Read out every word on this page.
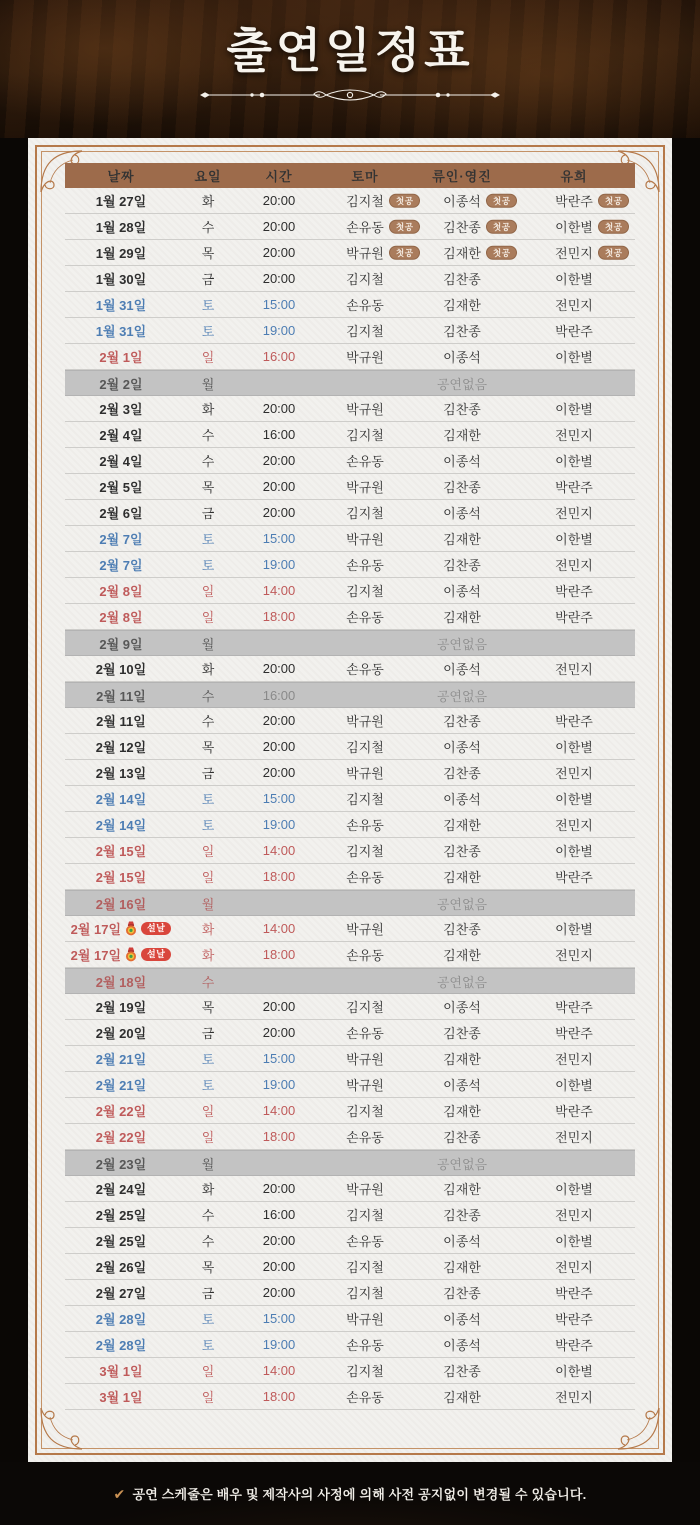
출연일정표
날짜	요일	시간	토마	류인·영진	유희
1월 27일	화	20:00	김지철	첫공	이종석	첫공	박란주	첫공
1월 28일	수	20:00	손유동	첫공	김찬종	첫공	이한별	첫공
1월 29일	목	20:00	박규원	첫공	김재한	첫공	전민지	첫공
1월 30일	금	20:00	김지철	김찬종	이한별
1월 31일	토	15:00	손유동	김재한	전민지
1월 31일	토	19:00	김지철	김찬종	박란주
2월 1일	일	16:00	박규원	이종석	이한별
2월 2일	월	공연없음
2월 3일	화	20:00	박규원	김찬종	이한별
2월 4일	수	16:00	김지철	김재한	전민지
2월 4일	수	20:00	손유동	이종석	이한별
2월 5일	목	20:00	박규원	김찬종	박란주
2월 6일	금	20:00	김지철	이종석	전민지
2월 7일	토	15:00	박규원	김재한	이한별
2월 7일	토	19:00	손유동	김찬종	전민지
2월 8일	일	14:00	김지철	이종석	박란주
2월 8일	일	18:00	손유동	김재한	박란주
2월 9일	월	공연없음
2월 10일	화	20:00	손유동	이종석	전민지
2월 11일	수	16:00	공연없음
2월 11일	수	20:00	박규원	김찬종	박란주
2월 12일	목	20:00	김지철	이종석	이한별
2월 13일	금	20:00	박규원	김찬종	전민지
2월 14일	토	15:00	김지철	이종석	이한별
2월 14일	토	19:00	손유동	김재한	전민지
2월 15일	일	14:00	김지철	김찬종	이한별
2월 15일	일	18:00	손유동	김재한	박란주
2월 16일	월	공연없음
2월 17일	설날	화	14:00	박규원	김찬종	이한별
2월 17일	설날	화	18:00	손유동	김재한	전민지
2월 18일	수	공연없음
2월 19일	목	20:00	김지철	이종석	박란주
2월 20일	금	20:00	손유동	김찬종	박란주
2월 21일	토	15:00	박규원	김재한	전민지
2월 21일	토	19:00	박규원	이종석	이한별
2월 22일	일	14:00	김지철	김재한	박란주
2월 22일	일	18:00	손유동	김찬종	전민지
2월 23일	월	공연없음
2월 24일	화	20:00	박규원	김재한	이한별
2월 25일	수	16:00	김지철	김찬종	전민지
2월 25일	수	20:00	손유동	이종석	이한별
2월 26일	목	20:00	김지철	김재한	전민지
2월 27일	금	20:00	김지철	김찬종	박란주
2월 28일	토	15:00	박규원	이종석	박란주
2월 28일	토	19:00	손유동	이종석	박란주
3월 1일	일	14:00	김지철	김찬종	이한별
3월 1일	일	18:00	손유동	김재한	전민지
✔ 공연 스케줄은 배우 및 제작사의 사정에 의해 사전 공지없이 변경될 수 있습니다.
